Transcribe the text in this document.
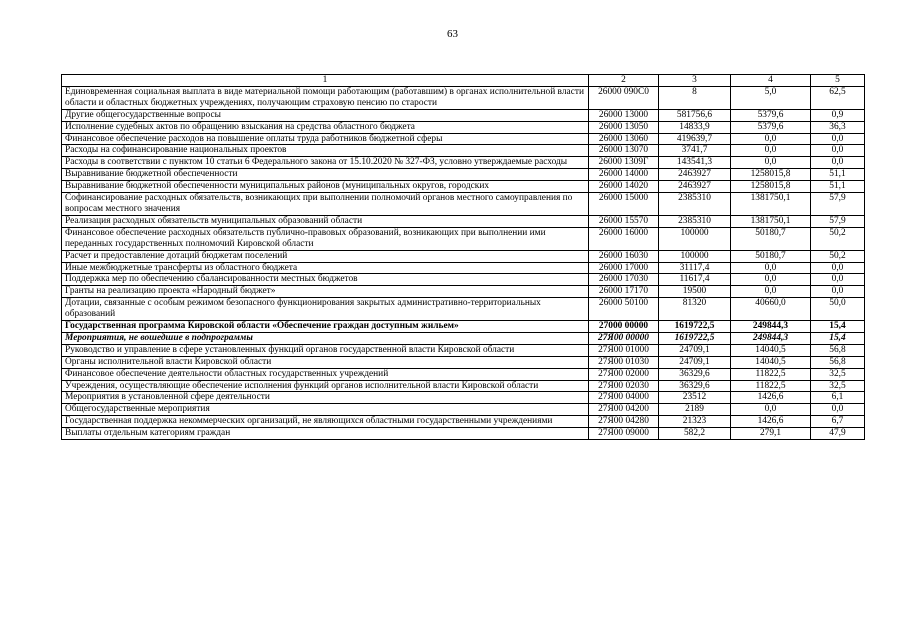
63
1	2	3	4	5
Единовременная социальная выплата в виде материальной помощи работающим (работавшим) в органах исполнительной власти области и областных бюджетных учреждениях, получающим страховую пенсию по старости	26000 090С0	8	5,0	62,5
Другие общегосударственные вопросы	26000 13000	581756,6	5379,6	0,9
Исполнение судебных актов по обращению взыскания на средства областного бюджета	26000 13050	14833,9	5379,6	36,3
Финансовое обеспечение расходов на повышение оплаты труда работников бюджетной сферы	26000 13060	419639,7	0,0	0,0
Расходы на софинансирование национальных проектов	26000 13070	3741,7	0,0	0,0
Расходы в соответствии с пунктом 10 статьи 6 Федерального закона от 15.10.2020 № 327-ФЗ, условно утверждаемые расходы	26000 1309Г	143541,3	0,0	0,0
Выравнивание бюджетной обеспеченности	26000 14000	2463927	1258015,8	51,1
Выравнивание бюджетной обеспеченности муниципальных районов (муниципальных округов, городских	26000 14020	2463927	1258015,8	51,1
Софинансирование расходных обязательств, возникающих при выполнении полномочий органов местного самоуправления по вопросам местного значения	26000 15000	2385310	1381750,1	57,9
Реализация расходных обязательств муниципальных образований области	26000 15570	2385310	1381750,1	57,9
Финансовое обеспечение расходных обязательств публично-правовых образований, возникающих при выполнении ими переданных государственных полномочий Кировской области	26000 16000	100000	50180,7	50,2
Расчет и предоставление дотаций бюджетам поселений	26000 16030	100000	50180,7	50,2
Иные межбюджетные трансферты из областного бюджета	26000 17000	31117,4	0,0	0,0
Поддержка мер по обеспечению сбалансированности местных бюджетов	26000 17030	11617,4	0,0	0,0
Гранты на реализацию проекта «Народный бюджет»	26000 17170	19500	0,0	0,0
Дотации, связанные с особым режимом безопасного функционирования закрытых административно-территориальных образований	26000 50100	81320	40660,0	50,0
Государственная программа Кировской области «Обеспечение граждан доступным жильем»	27000 00000	1619722,5	249844,3	15,4
Мероприятия, не вошедшие в подпрограммы	27Я00 00000	1619722,5	249844,3	15,4
Руководство и управление в сфере установленных функций органов государственной власти Кировской области	27Я00 01000	24709,1	14040,5	56,8
Органы исполнительной власти Кировской области	27Я00 01030	24709,1	14040,5	56,8
Финансовое обеспечение деятельности областных государственных учреждений	27Я00 02000	36329,6	11822,5	32,5
Учреждения, осуществляющие обеспечение исполнения функций органов исполнительной власти Кировской области	27Я00 02030	36329,6	11822,5	32,5
Мероприятия в установленной сфере деятельности	27Я00 04000	23512	1426,6	6,1
Общегосударственные мероприятия	27Я00 04200	2189	0,0	0,0
Государственная поддержка некоммерческих организаций, не являющихся областными государственными учреждениями	27Я00 04280	21323	1426,6	6,7
Выплаты отдельным категориям граждан	27Я00 09000	582,2	279,1	47,9
